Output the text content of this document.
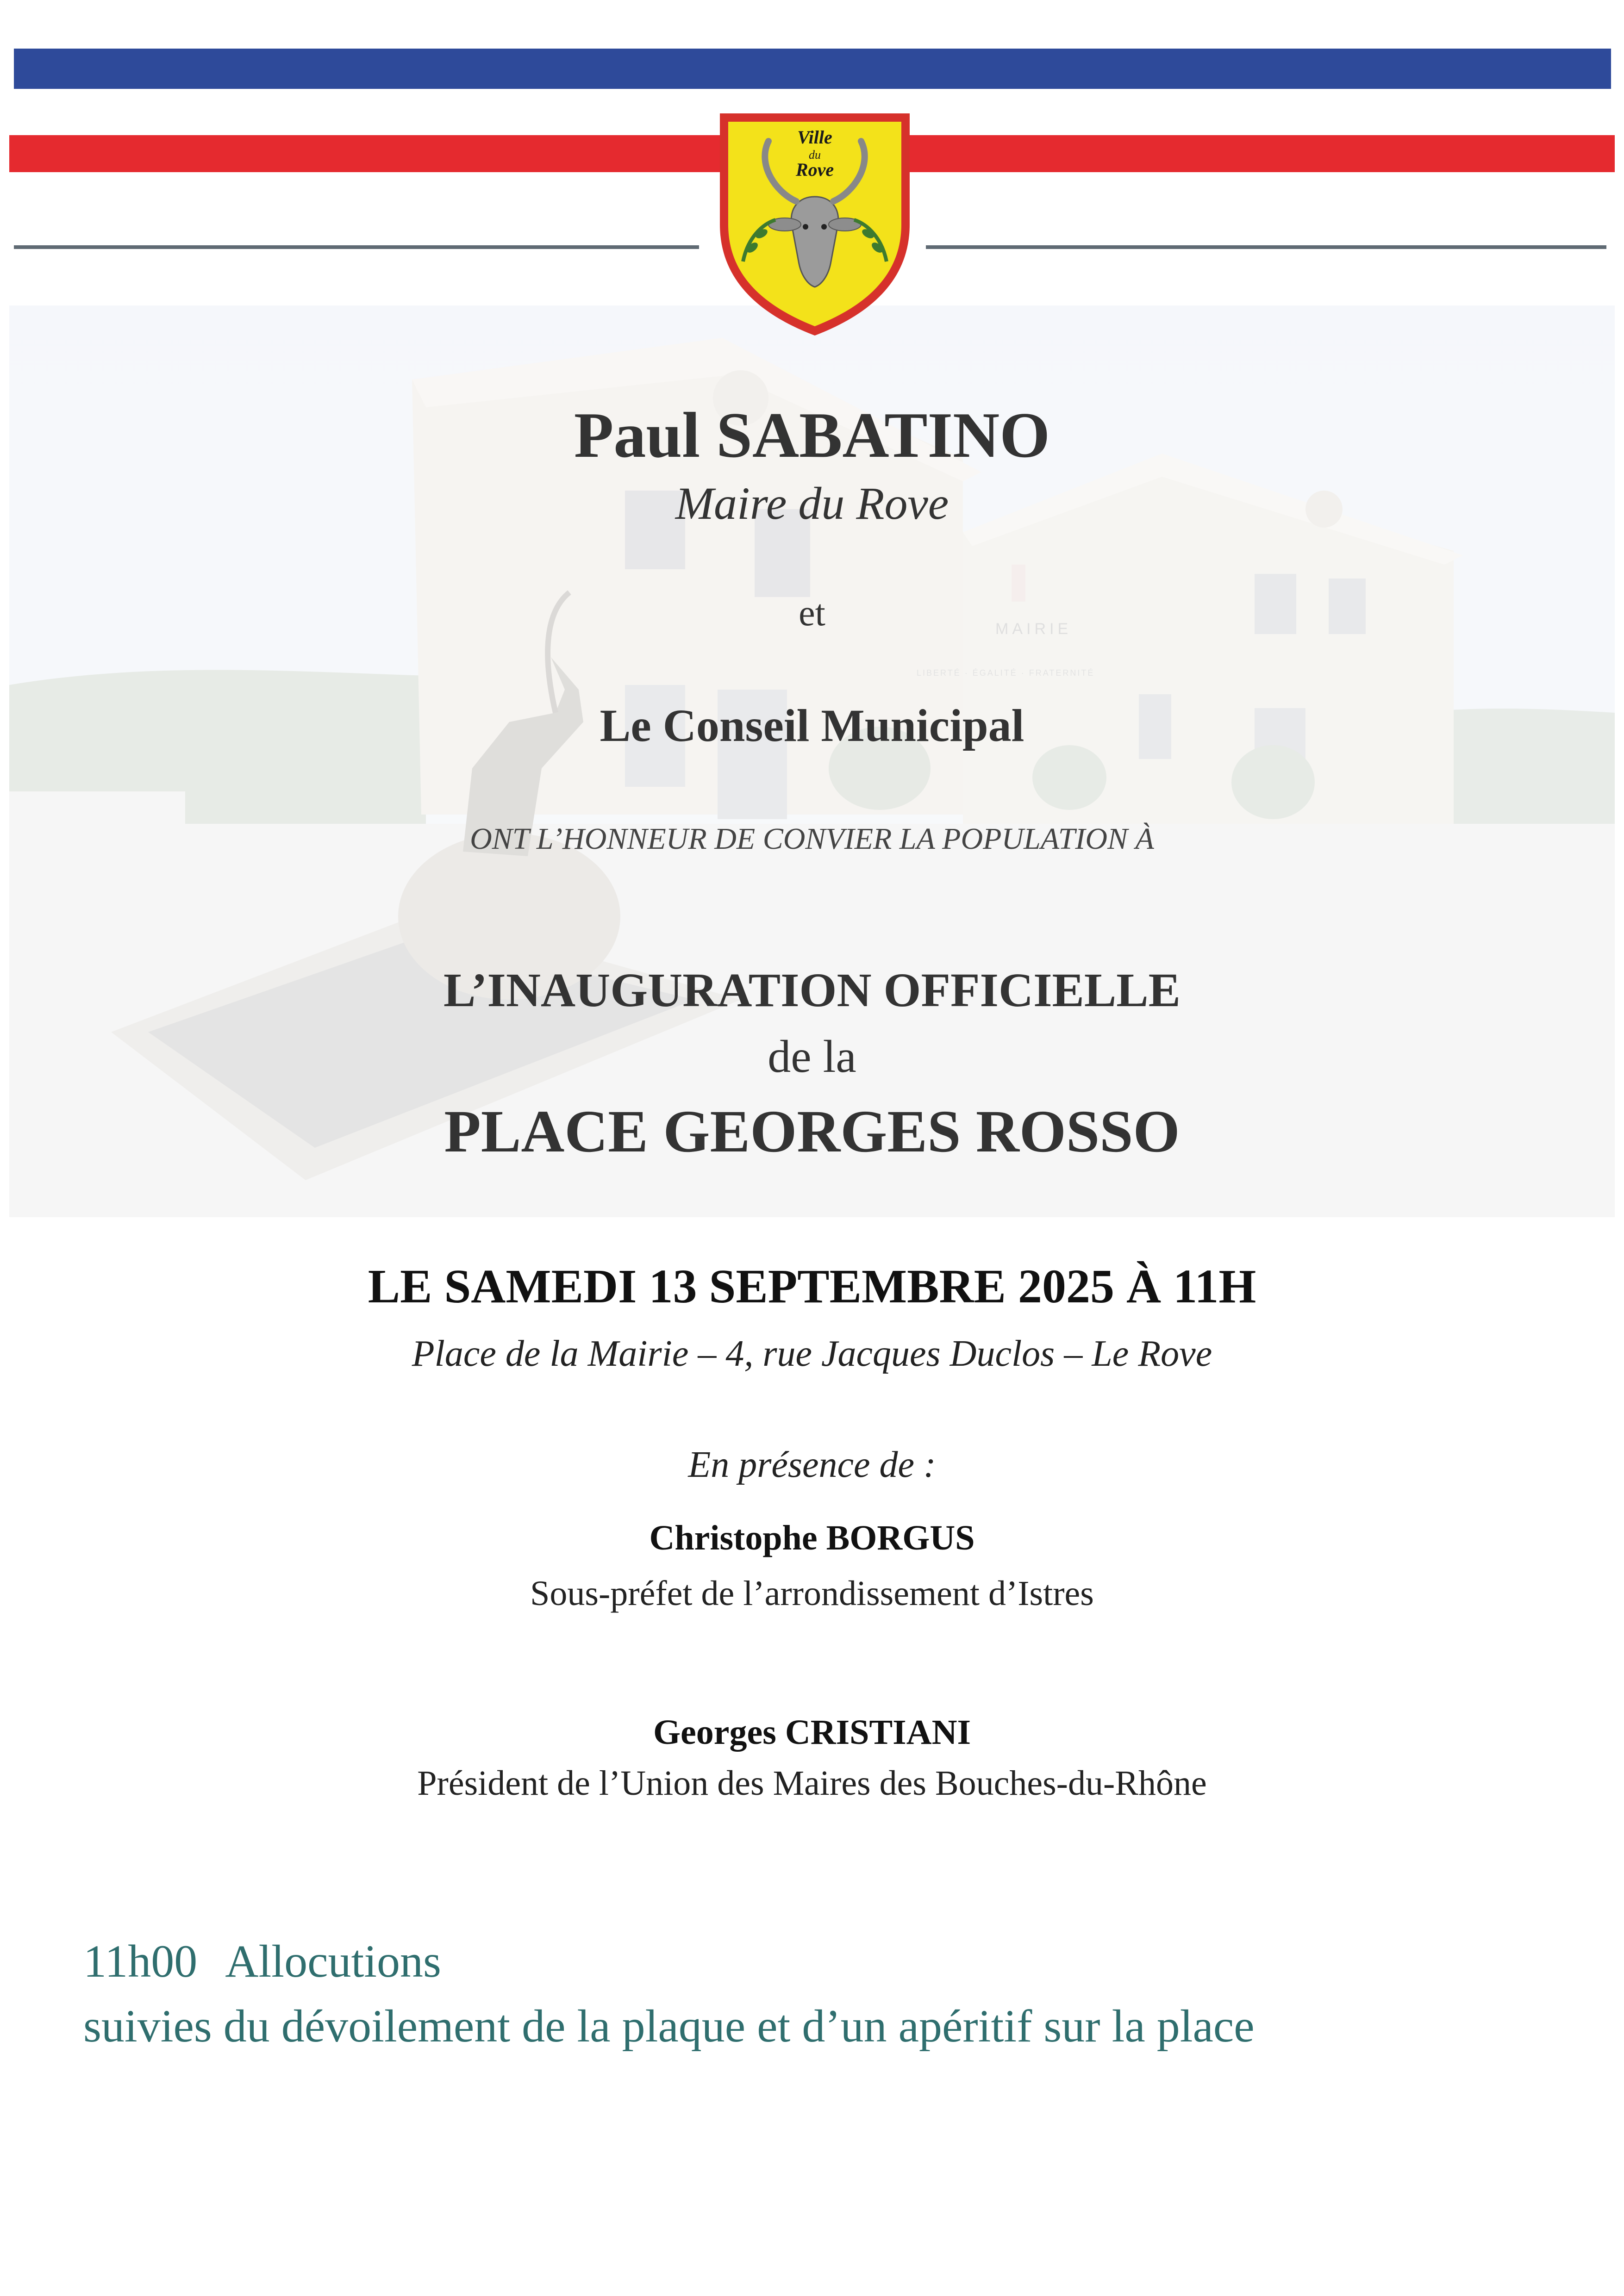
Ville
du
Rove
Paul SABATINO
Maire du Rove
et
Le Conseil Municipal
ONT L’HONNEUR DE CONVIER LA POPULATION À
L’INAUGURATION OFFICIELLE
de la
PLACE GEORGES ROSSO
LE SAMEDI 13 SEPTEMBRE 2025 À 11H
Place de la Mairie – 4, rue Jacques Duclos – Le Rove
En présence de :
Christophe BORGUS
Sous-préfet de l’arrondissement d’Istres
Georges CRISTIANI
Président de l’Union des Maires des Bouches-du-Rhône
11h00 Allocutions
suivies du dévoilement de la plaque et d’un apéritif sur la place
